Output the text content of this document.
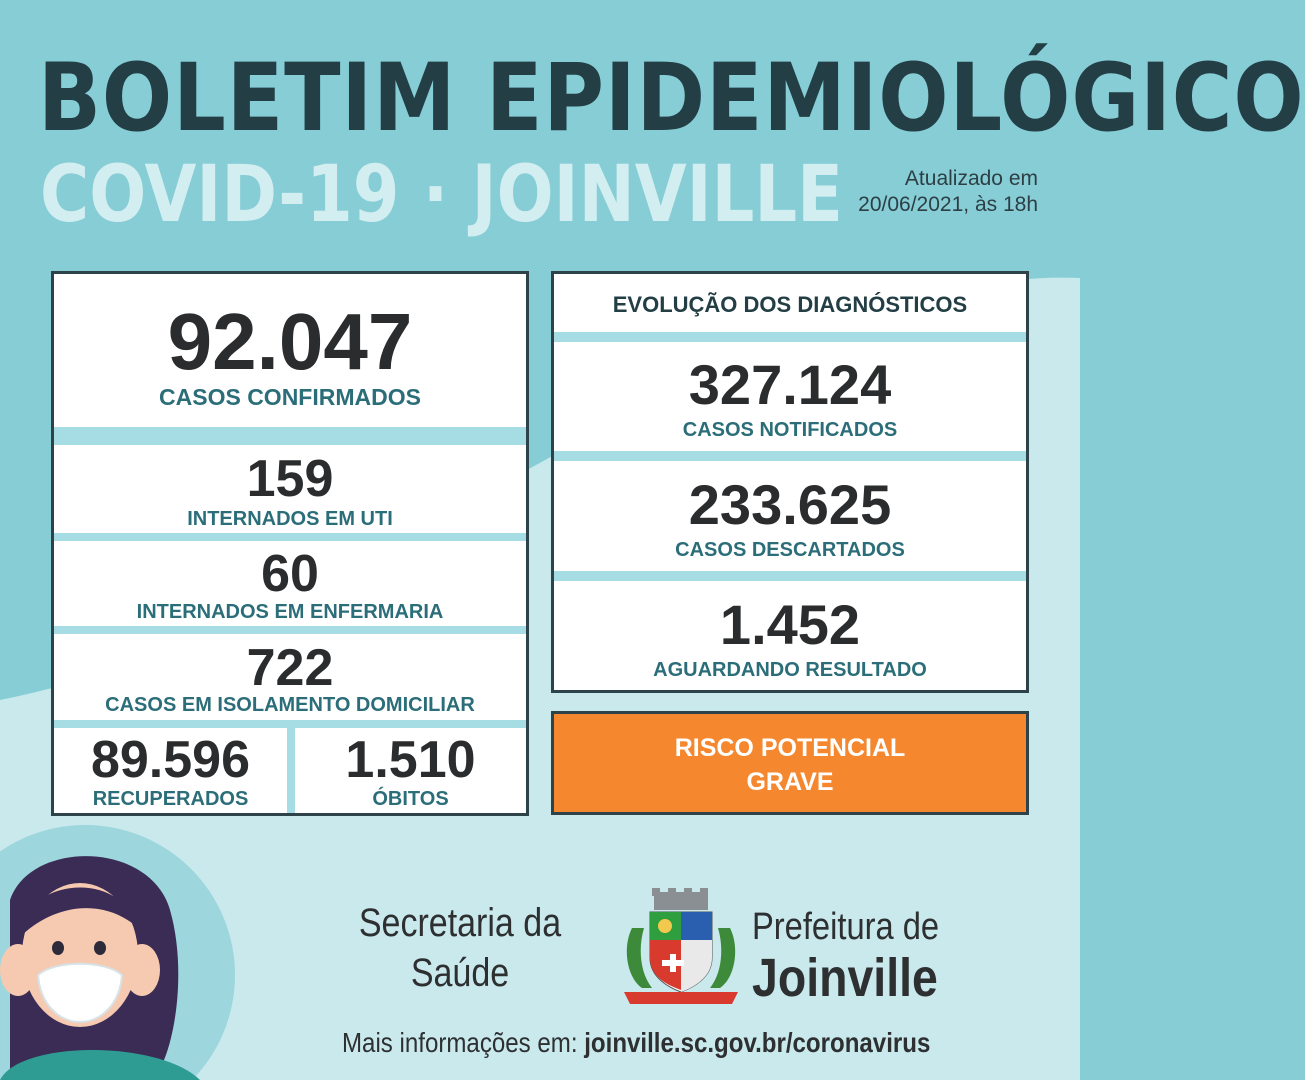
BOLETIM EPIDEMIOLÓGICO
COVID-19 · JOINVILLE	Atualizado em
20/06/2021, às 18h
92.047
CASOS CONFIRMADOS
159
INTERNADOS EM UTI
60
INTERNADOS EM ENFERMARIA
722
CASOS EM ISOLAMENTO DOMICILIAR
89.596
RECUPERADOS
1.510
ÓBITOS
EVOLUÇÃO DOS DIAGNÓSTICOS
327.124
CASOS NOTIFICADOS
233.625
CASOS DESCARTADOS
1.452
AGUARDANDO RESULTADO
RISCO POTENCIAL
GRAVE
Secretaria da
Saúde
Prefeitura de
Joinville
Mais informações em: joinville.sc.gov.br/coronavirus
